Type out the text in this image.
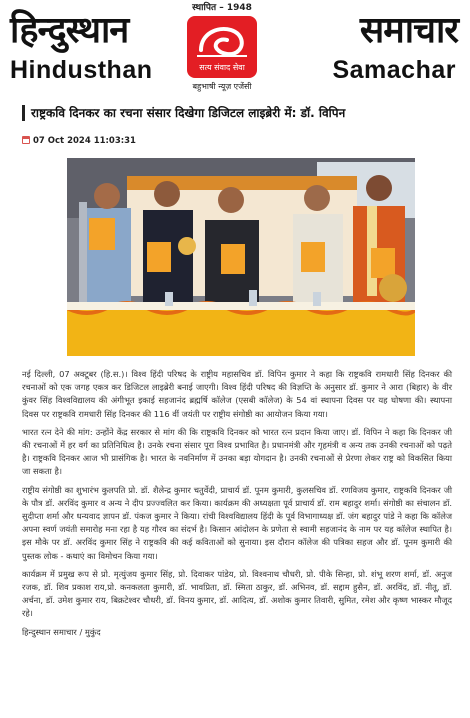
हिन्दुस्थान	समाचार
Hindusthan	Samachar
स्थापित – 1948
सत्य संवाद सेवा
बहुभाषी न्यूज़ एजेंसी
राष्ट्रकवि दिनकर का रचना संसार दिखेगा डिजिटल लाइब्रेरी में: डॉ. विपिन
07 Oct 2024 11:03:31

नई दिल्ली, 07 अक्टूबर (हि.स.)। विश्व हिंदी परिषद के राष्ट्रीय महासचिव डॉ. विपिन कुमार ने कहा कि राष्ट्रकवि रामधारी सिंह दिनकर की रचनाओं को एक जगह एकत्र कर डिजिटल लाइब्रेरी बनाई जाएगी। विश्व हिंदी परिषद की विज्ञप्ति के अनुसार डॉ. कुमार ने आरा (बिहार) के वीर कुंवर सिंह विश्वविद्यालय की अंगीभूत इकाई सहजानंद ब्रह्मर्षि कॉलेज (एसबी कॉलेज) के 54 वां स्थापना दिवस पर यह घोषणा की। स्थापना दिवस पर राष्ट्रकवि रामधारी सिंह दिनकर की 116 वीं जयंती पर राष्ट्रीय संगोष्ठी का आयोजन किया गया।

भारत रत्न देने की मांग: उन्होंने केंद्र सरकार से मांग की कि राष्ट्रकवि दिनकर को भारत रत्न प्रदान किया जाए। डॉ. विपिन ने कहा कि दिनकर जी की रचनाओं में हर वर्ग का प्रतिनिधित्व है। उनके रचना संसार पूरा विश्व प्रभावित है। प्रधानमंत्री और गृहमंत्री व अन्य तक उनकी रचनाओं को पढ़ते है। राष्ट्रकवि दिनकर आज भी प्रासंगिक है। भारत के नवनिर्माण में उनका बड़ा योगदान है। उनकी रचनाओं से प्रेरणा लेकर राष्ट्र को विकसित किया जा सकता है।

राष्ट्रीय संगोष्ठी का शुभारंभ कुलपति प्रो. डॉ. शैलेन्द्र कुमार चतुर्वेदी, प्राचार्य डॉ. पूनम कुमारी, कुलसचिव डॉ. रणविजय कुमार, राष्ट्रकवि दिनकर जी के पौत्र डॉ. अरविंद कुमार व अन्य ने दीप प्रज्ज्वलित कर किया। कार्यक्रम की अध्यक्षता पूर्व प्राचार्य डॉ. राम बहादुर शर्मा। संगोष्ठी का संचालन डॉ. सुदीप्ता शर्मा और धन्यवाद ज्ञापन डॉ. पंकज कुमार ने किया। रांची विश्वविद्यालय हिंदी के पूर्व विभागाध्यक्ष डॉ. जंग बहादुर पांडे ने कहा कि कॉलेज अपना स्वर्ण जयंती समारोह मना रहा है यह गौरव का संदर्भ है। किसान आंदोलन के प्रणेता से स्वामी सहजानंद के नाम पर यह कॉलेज स्थापित है। इस मौके पर डॉ. अरविंद कुमार सिंह ने राष्ट्रकवि की कई कविताओं को सुनाया। इस दौरान कॉलेज की पत्रिका सहज और डॉ. पूनम कुमारी की पुस्तक लोक - कथाएं का विमोचन किया गया।

कार्यक्रम में प्रमुख रूप से प्रो. मृत्युंजय कुमार सिंह, प्रो. दिवाकर पांडेय, प्रो. विश्वनाथ चौधरी, प्रो. पीके सिन्हा, प्रो. शंभू शरण शर्मा, डॉ. अनुज रजक, डॉ. शिव प्रकाश राय,प्रो. कनकलता कुमारी, डॉ. भावप्रिता, डॉ. स्मिता ठाकुर, डॉ. अभिनव, डॉ. सद्दाम हुसैन, डॉ. अरविंद, डॉ. नीतू, डॉ. अर्चना, डॉ. उमेश कुमार राय, बिक्रटेश्वर चौधरी, डॉ. विनय कुमार, डॉ. आदित्य, डॉ. अशोक कुमार तिवारी, सुमित, रमेश और कृष्ण भास्कर मौजूद रहे।

हिन्दुस्थान समाचार / मुकुंद
